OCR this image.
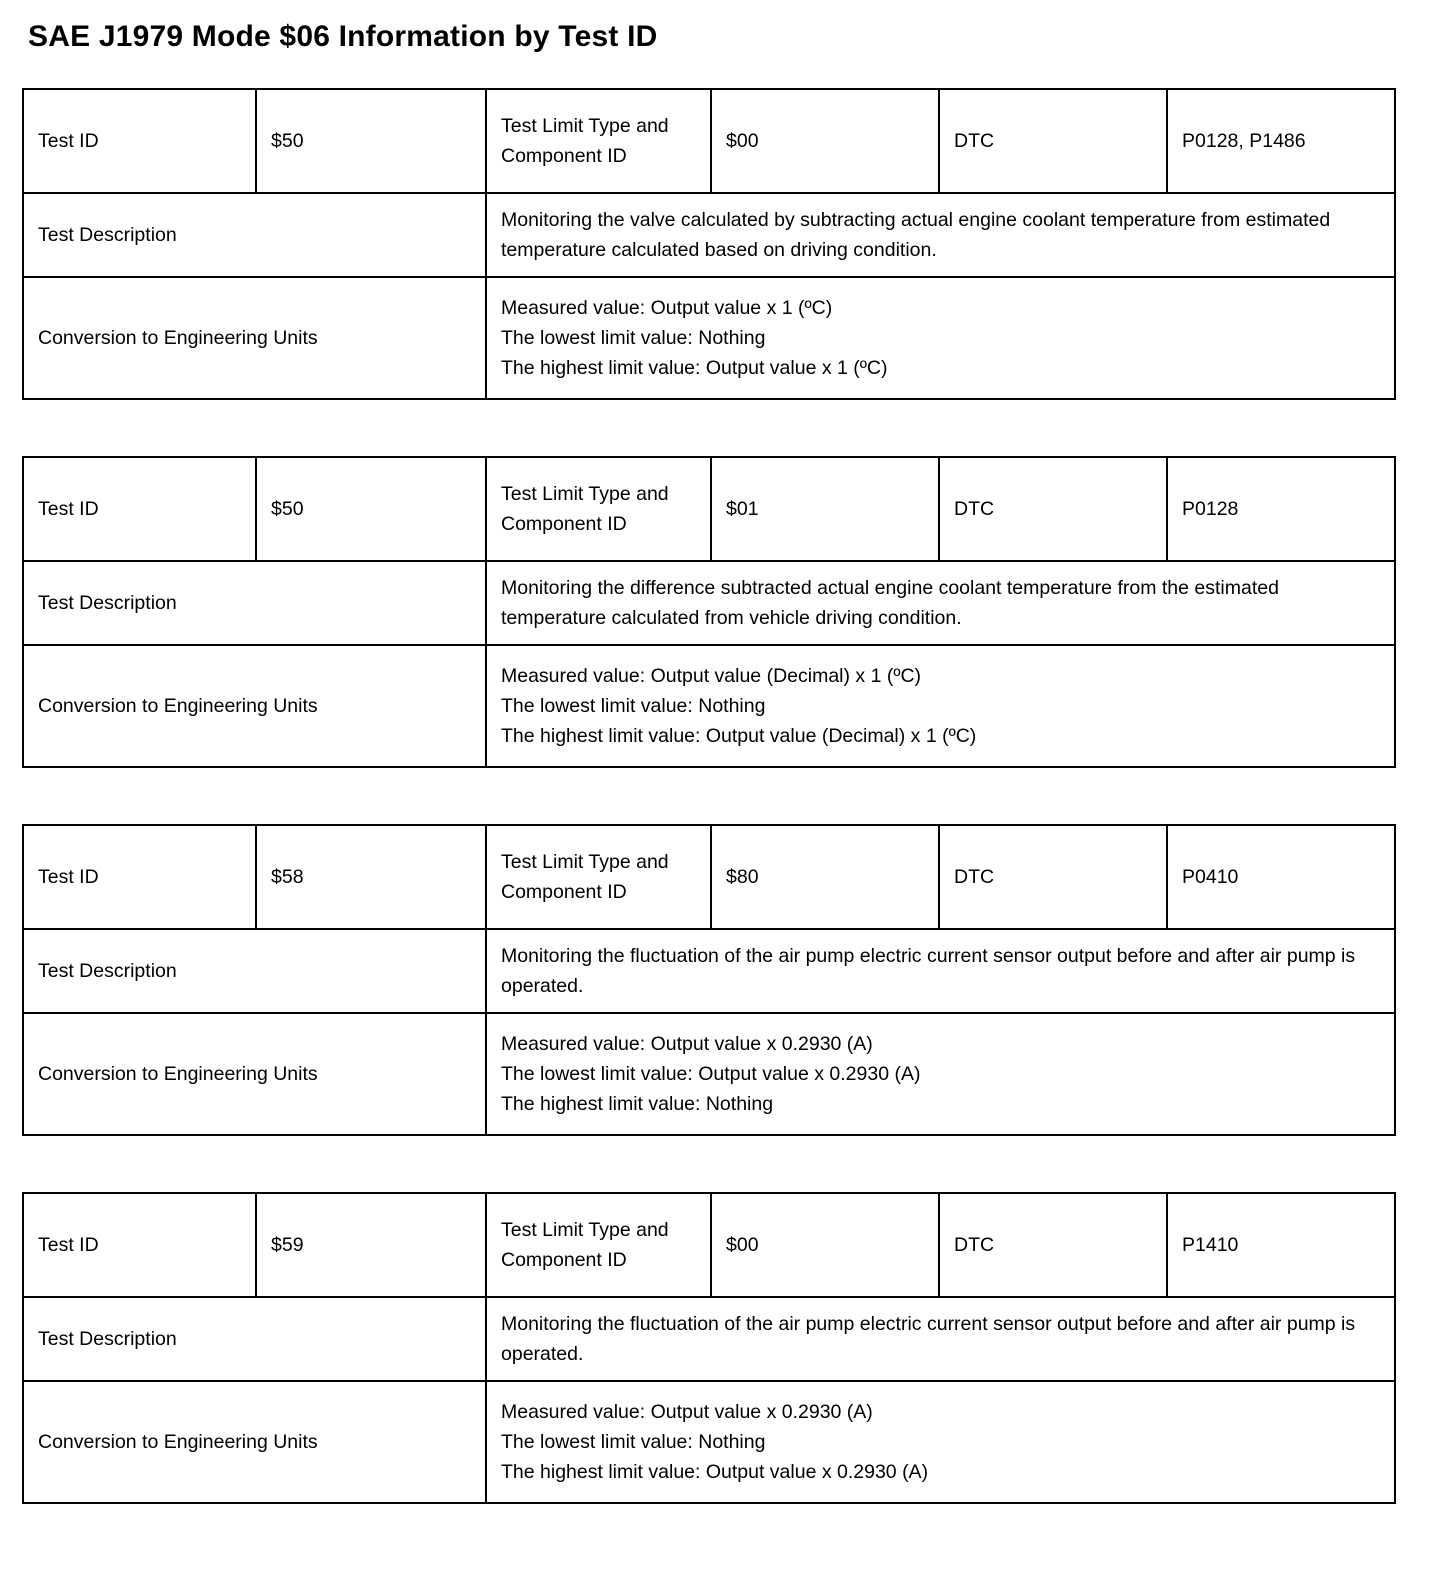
SAE J1979 Mode $06 Information by Test ID
Test ID	$50	Test Limit Type and Component ID	$00	DTC	P0128, P1486
Test Description		Monitoring the valve calculated by subtracting actual engine coolant temperature from estimated temperature calculated based on driving condition.			
Conversion to Engineering Units		Measured value: Output value x 1 (ºC)
The lowest limit value: Nothing
The highest limit value: Output value x 1 (ºC)			
Test ID	$50	Test Limit Type and Component ID	$01	DTC	P0128
Test Description		Monitoring the difference subtracted actual engine coolant temperature from the estimated temperature calculated from vehicle driving condition.			
Conversion to Engineering Units		Measured value: Output value (Decimal) x 1 (ºC)
The lowest limit value: Nothing
The highest limit value: Output value (Decimal) x 1 (ºC)			
Test ID	$58	Test Limit Type and Component ID	$80	DTC	P0410
Test Description		Monitoring the fluctuation of the air pump electric current sensor output before and after air pump is operated.			
Conversion to Engineering Units		Measured value: Output value x 0.2930 (A)
The lowest limit value: Output value x 0.2930 (A)
The highest limit value: Nothing			
Test ID	$59	Test Limit Type and Component ID	$00	DTC	P1410
Test Description		Monitoring the fluctuation of the air pump electric current sensor output before and after air pump is operated.			
Conversion to Engineering Units		Measured value: Output value x 0.2930 (A)
The lowest limit value: Nothing
The highest limit value: Output value x 0.2930 (A)			
